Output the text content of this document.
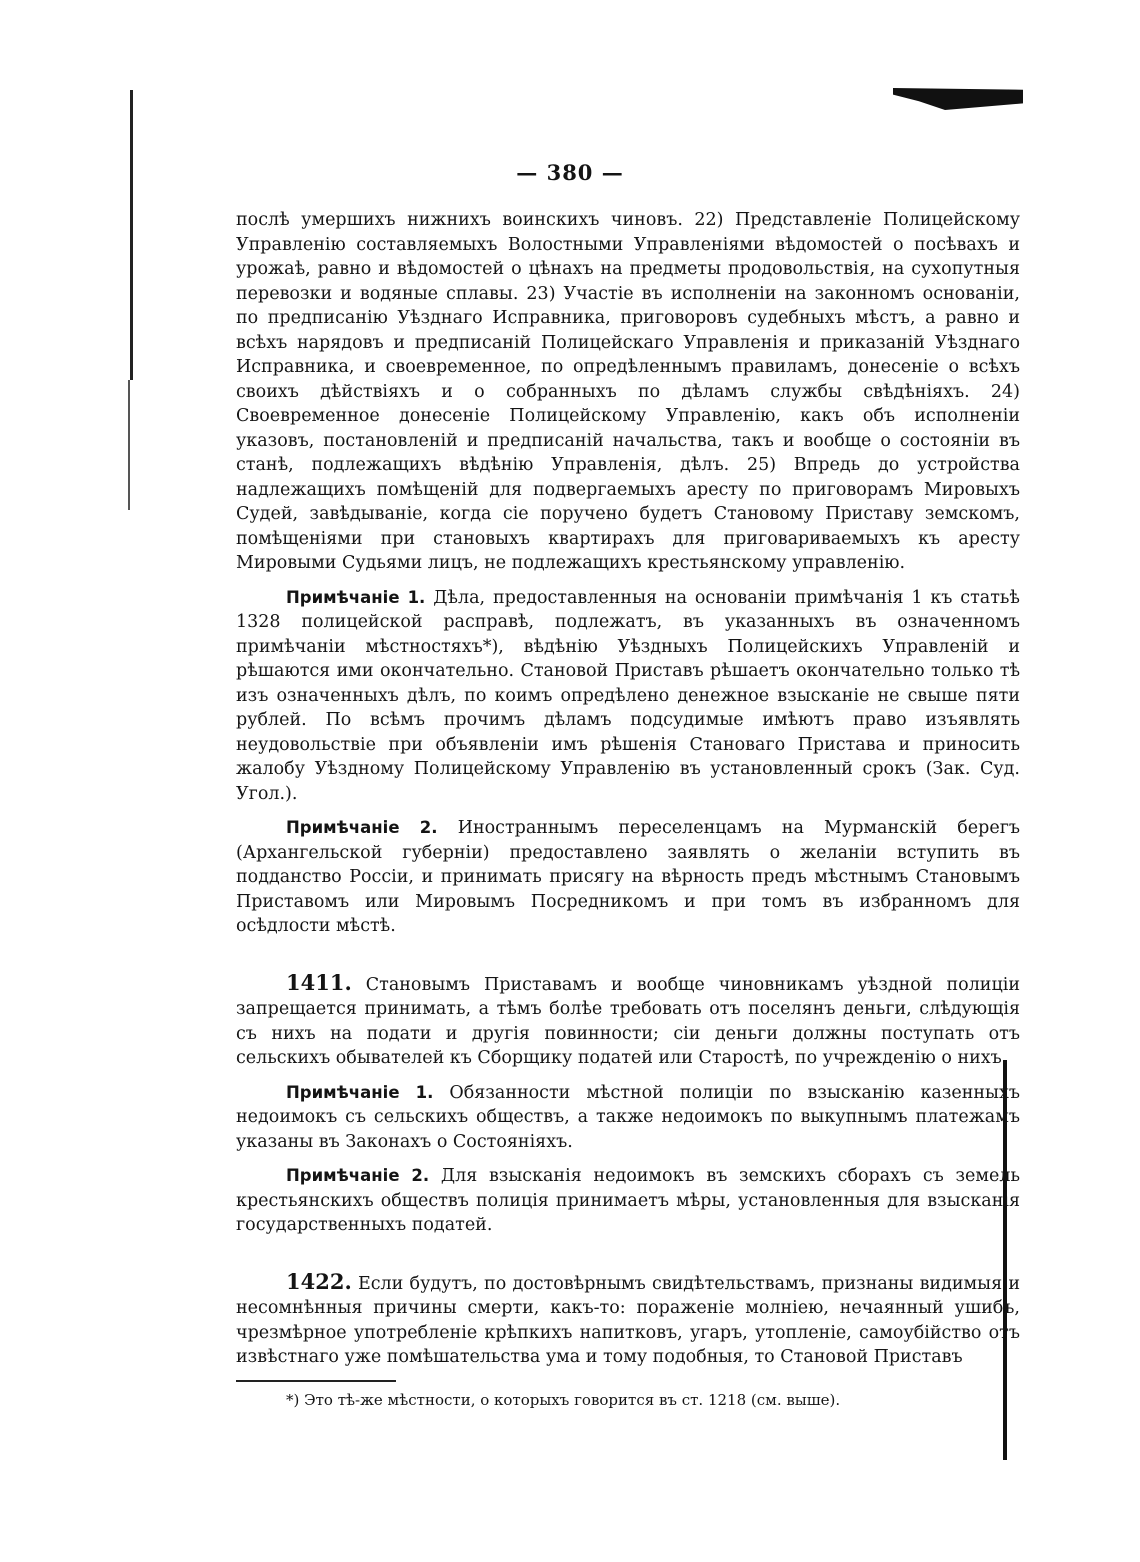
— 380 —

послѣ умершихъ нижнихъ воинскихъ чиновъ. 22) Представленіе Полицейскому Управленію составляемыхъ Волостными Управленіями вѣдомостей о посѣвахъ и урожаѣ, равно и вѣдомостей о цѣнахъ на предметы продовольствія, на сухопутныя перевозки и водяные сплавы. 23) Участіе въ исполненіи на законномъ основаніи, по предписанію Уѣзднаго Исправника, приговоровъ судебныхъ мѣстъ, а равно и всѣхъ нарядовъ и предписаній Полицейскаго Управленія и приказаній Уѣзднаго Исправника, и своевременное, по опредѣленнымъ правиламъ, донесеніе о всѣхъ своихъ дѣйствіяхъ и о собранныхъ по дѣламъ службы свѣдѣніяхъ. 24) Своевременное донесеніе Полицейскому Управленію, какъ объ исполненіи указовъ, постановленій и предписаній начальства, такъ и вообще о состояніи въ станѣ, подлежащихъ вѣдѣнію Управленія, дѣлъ. 25) Впредь до устройства надлежащихъ помѣщеній для подвергаемыхъ аресту по приговорамъ Мировыхъ Судей, завѣдываніе, когда сіе поручено будетъ Становому Приставу земскомъ, помѣщеніями при становыхъ квартирахъ для приговариваемыхъ къ аресту Мировыми Судьями лицъ, не подлежащихъ крестьянскому управленію.

Примѣчаніе 1. Дѣла, предоставленныя на основаніи примѣчанія 1 къ статьѣ 1328 полицейской расправѣ, подлежатъ, въ указанныхъ въ означенномъ примѣчаніи мѣстностяхъ*), вѣдѣнію Уѣздныхъ Полицейскихъ Управленій и рѣшаются ими окончательно. Становой Приставъ рѣшаетъ окончательно только тѣ изъ означенныхъ дѣлъ, по коимъ опредѣлено денежное взысканіе не свыше пяти рублей. По всѣмъ прочимъ дѣламъ подсудимые имѣютъ право изъявлять неудовольствіе при объявленіи имъ рѣшенія Становаго Пристава и приносить жалобу Уѣздному Полицейскому Управленію въ установленный срокъ (Зак. Суд. Угол.).

Примѣчаніе 2. Иностраннымъ переселенцамъ на Мурманскій берегъ (Архангельской губерніи) предоставлено заявлять о желаніи вступить въ подданство Россіи, и принимать присягу на вѣрность предъ мѣстнымъ Становымъ Приставомъ или Мировымъ Посредникомъ и при томъ въ избранномъ для осѣдлости мѣстѣ.

1411. Становымъ Приставамъ и вообще чиновникамъ уѣздной полиціи запрещается принимать, а тѣмъ болѣе требовать отъ поселянъ деньги, слѣдующія съ нихъ на подати и другія повинности; сіи деньги должны поступать отъ сельскихъ обывателей къ Сборщику податей или Старостѣ, по учрежденію о нихъ.

Примѣчаніе 1. Обязанности мѣстной полиціи по взысканію казенныхъ недоимокъ съ сельскихъ обществъ, а также недоимокъ по выкупнымъ платежамъ указаны въ Законахъ о Состояніяхъ.

Примѣчаніе 2. Для взысканія недоимокъ въ земскихъ сборахъ съ земель крестьянскихъ обществъ полиція принимаетъ мѣры, установленныя для взысканія государственныхъ податей.

1422. Если будутъ, по достовѣрнымъ свидѣтельствамъ, признаны видимыя и несомнѣнныя причины смерти, какъ-то: пораженіе молніею, нечаянный ушибъ, чрезмѣрное употребленіе крѣпкихъ напитковъ, угаръ, утопленіе, самоубійство отъ извѣстнаго уже помѣшательства ума и тому подобныя, то Становой Приставъ

*) Это тѣ-же мѣстности, о которыхъ говорится въ ст. 1218 (см. выше).
